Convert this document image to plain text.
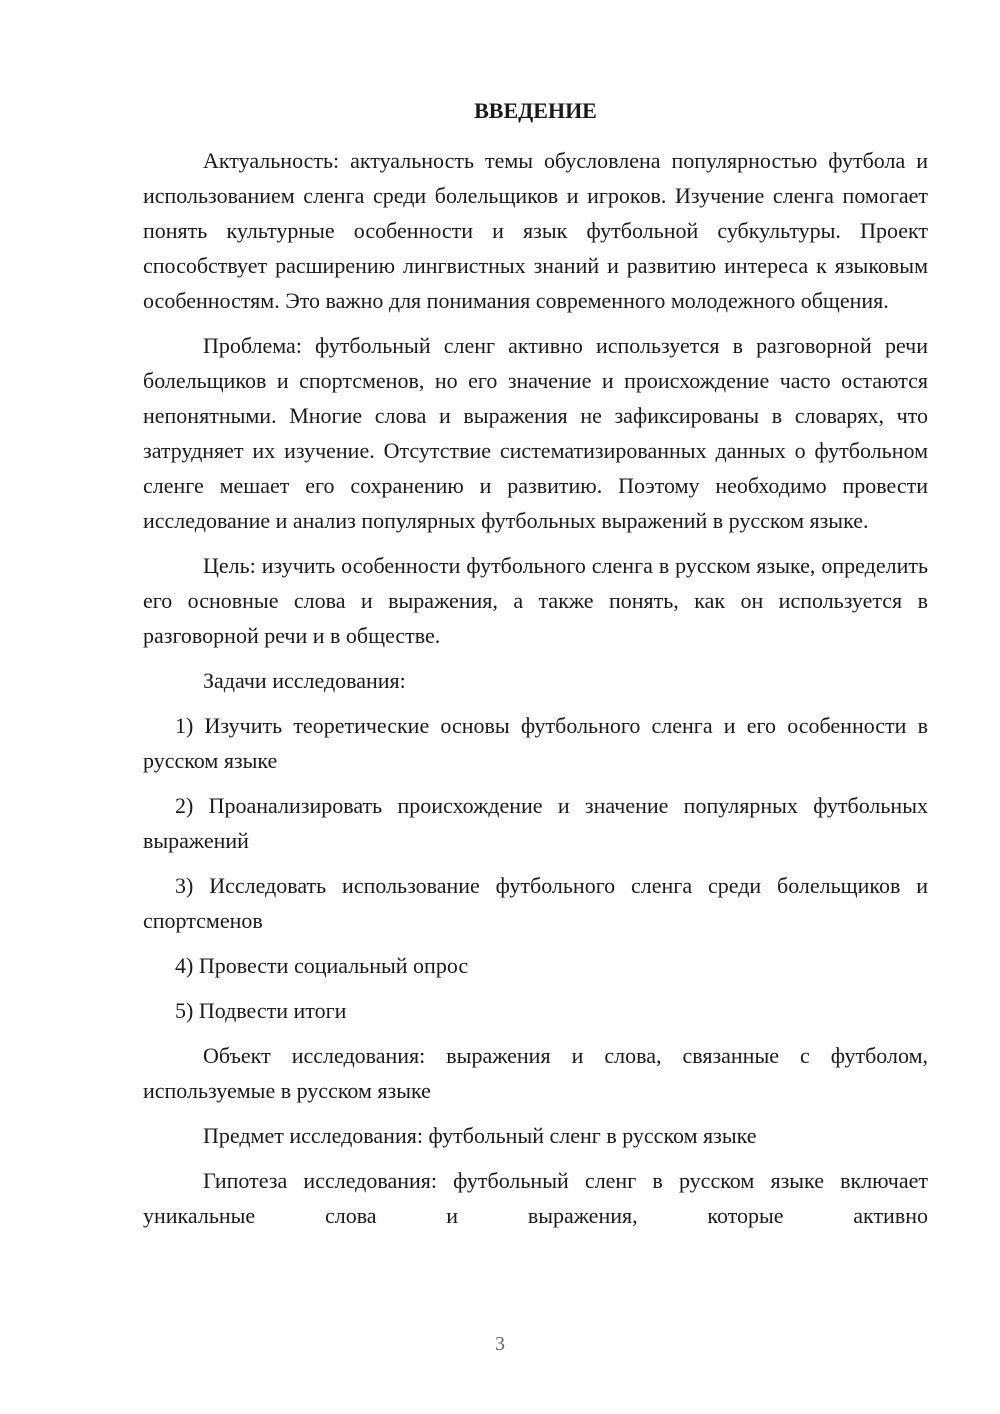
ВВЕДЕНИЕ

Актуальность: актуальность темы обусловлена популярностью футбола и использованием сленга среди болельщиков и игроков. Изучение сленга помогает понять культурные особенности и язык футбольной субкультуры. Проект способствует расширению лингвистных знаний и развитию интереса к языковым особенностям. Это важно для понимания современного молодежного общения.

Проблема: футбольный сленг активно используется в разговорной речи болельщиков и спортсменов, но его значение и происхождение часто остаются непонятными. Многие слова и выражения не зафиксированы в словарях, что затрудняет их изучение. Отсутствие систематизированных данных о футбольном сленге мешает его сохранению и развитию. Поэтому необходимо провести исследование и анализ популярных футбольных выражений в русском языке.

Цель: изучить особенности футбольного сленга в русском языке, определить его основные слова и выражения, а также понять, как он используется в разговорной речи и в обществе.

Задачи исследования:

1) Изучить теоретические основы футбольного сленга и его особенности в русском языке

2) Проанализировать происхождение и значение популярных футбольных выражений

3) Исследовать использование футбольного сленга среди болельщиков и спортсменов

4) Провести социальный опрос

5) Подвести итоги

Объект исследования: выражения и слова, связанные с футболом, используемые в русском языке

Предмет исследования: футбольный сленг в русском языке

Гипотеза исследования: футбольный сленг в русском языке включает уникальные слова и выражения, которые активно

3
